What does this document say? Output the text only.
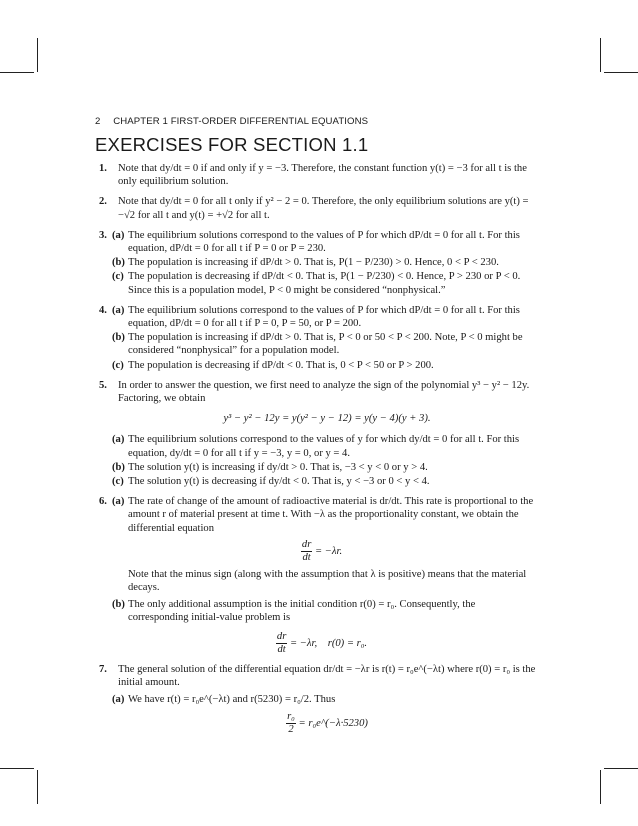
2 CHAPTER 1 FIRST-ORDER DIFFERENTIAL EQUATIONS
EXERCISES FOR SECTION 1.1
1. Note that dy/dt = 0 if and only if y = −3. Therefore, the constant function y(t) = −3 for all t is the only equilibrium solution.
2. Note that dy/dt = 0 for all t only if y² − 2 = 0. Therefore, the only equilibrium solutions are y(t) = −√2 for all t and y(t) = +√2 for all t.
3. (a) The equilibrium solutions correspond to the values of P for which dP/dt = 0 for all t. For this equation, dP/dt = 0 for all t if P = 0 or P = 230.
(b) The population is increasing if dP/dt > 0. That is, P(1 − P/230) > 0. Hence, 0 < P < 230.
(c) The population is decreasing if dP/dt < 0. That is, P(1 − P/230) < 0. Hence, P > 230 or P < 0. Since this is a population model, P < 0 might be considered “nonphysical.”
4. (a) The equilibrium solutions correspond to the values of P for which dP/dt = 0 for all t. For this equation, dP/dt = 0 for all t if P = 0, P = 50, or P = 200.
(b) The population is increasing if dP/dt > 0. That is, P < 0 or 50 < P < 200. Note, P < 0 might be considered “nonphysical” for a population model.
(c) The population is decreasing if dP/dt < 0. That is, 0 < P < 50 or P > 200.
5. In order to answer the question, we first need to analyze the sign of the polynomial y³ − y² − 12y. Factoring, we obtain
y³ − y² − 12y = y(y² − y − 12) = y(y − 4)(y + 3).
(a) The equilibrium solutions correspond to the values of y for which dy/dt = 0 for all t. For this equation, dy/dt = 0 for all t if y = −3, y = 0, or y = 4.
(b) The solution y(t) is increasing if dy/dt > 0. That is, −3 < y < 0 or y > 4.
(c) The solution y(t) is decreasing if dy/dt < 0. That is, y < −3 or 0 < y < 4.
6. (a) The rate of change of the amount of radioactive material is dr/dt. This rate is proportional to the amount r of material present at time t. With −λ as the proportionality constant, we obtain the differential equation
$\frac{dr}{dt} = -\lambda r$.
Note that the minus sign (along with the assumption that λ is positive) means that the material decays.
(b) The only additional assumption is the initial condition r(0) = r₀. Consequently, the corresponding initial-value problem is
$\frac{dr}{dt} = -\lambda r$,    r(0) = r₀.
7. The general solution of the differential equation dr/dt = −λr is r(t) = r₀e^(−λt) where r(0) = r₀ is the initial amount.
(a) We have r(t) = r₀e^(−λt) and r(5230) = r₀/2. Thus
$\frac{\text{r₀}}{2}$ = r₀e^(−λ·5230)
